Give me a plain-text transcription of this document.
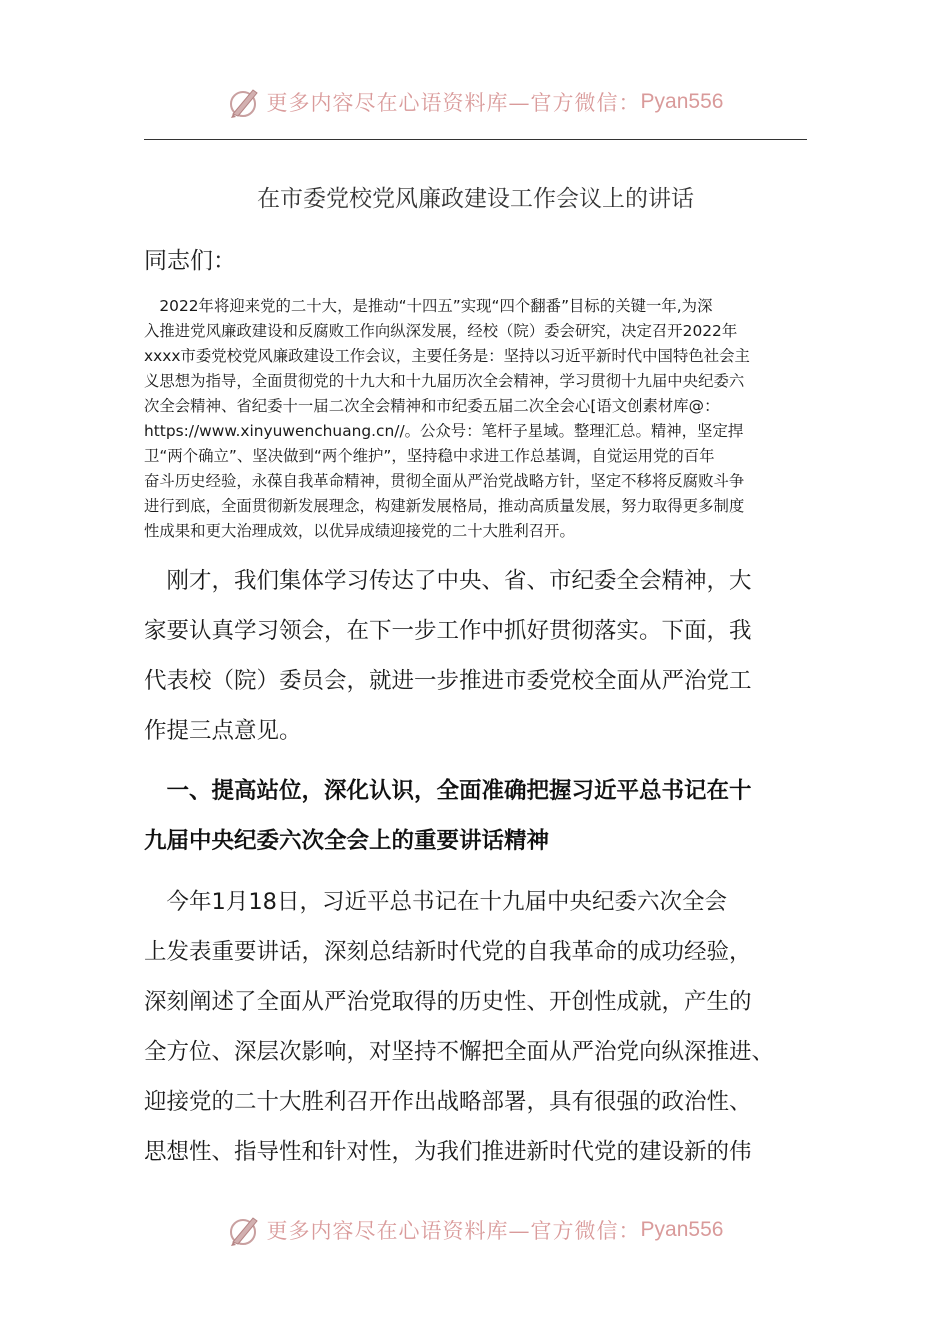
更多内容尽在心语资料库—官方微信： Pyan556
在市委党校党风廉政建设工作会议上的讲话
同志们：
　2022年将迎来党的二十大，是推动“十四五”实现“四个翻番”目标的关键一年,为深
入推进党风廉政建设和反腐败工作向纵深发展，经校（院）委会研究，决定召开2022年
xxxx市委党校党风廉政建设工作会议，主要任务是：坚持以习近平新时代中国特色社会主
义思想为指导，全面贯彻党的十九大和十九届历次全会精神，学习贯彻十九届中央纪委六
次全会精神、省纪委十一届二次全会精神和市纪委五届二次全会心[语文创素材库@：
https://www.xinyuwenchuang.cn//。公众号：笔杆子星域。整理汇总。精神，坚定捍
卫“两个确立”、坚决做到“两个维护”，坚持稳中求进工作总基调，自觉运用党的百年
奋斗历史经验，永葆自我革命精神，贯彻全面从严治党战略方针，坚定不移将反腐败斗争
进行到底，全面贯彻新发展理念，构建新发展格局，推动高质量发展，努力取得更多制度
性成果和更大治理成效，以优异成绩迎接党的二十大胜利召开。
　刚才，我们集体学习传达了中央、省、市纪委全会精神，大
家要认真学习领会，在下一步工作中抓好贯彻落实。下面，我
代表校（院）委员会，就进一步推进市委党校全面从严治党工
作提三点意见。
　一、提高站位，深化认识，全面准确把握习近平总书记在十
九届中央纪委六次全会上的重要讲话精神
　今年1月18日，习近平总书记在十九届中央纪委六次全会
上发表重要讲话，深刻总结新时代党的自我革命的成功经验，
深刻阐述了全面从严治党取得的历史性、开创性成就，产生的
全方位、深层次影响，对坚持不懈把全面从严治党向纵深推进、
迎接党的二十大胜利召开作出战略部署，具有很强的政治性、
思想性、指导性和针对性，为我们推进新时代党的建设新的伟
更多内容尽在心语资料库—官方微信： Pyan556
